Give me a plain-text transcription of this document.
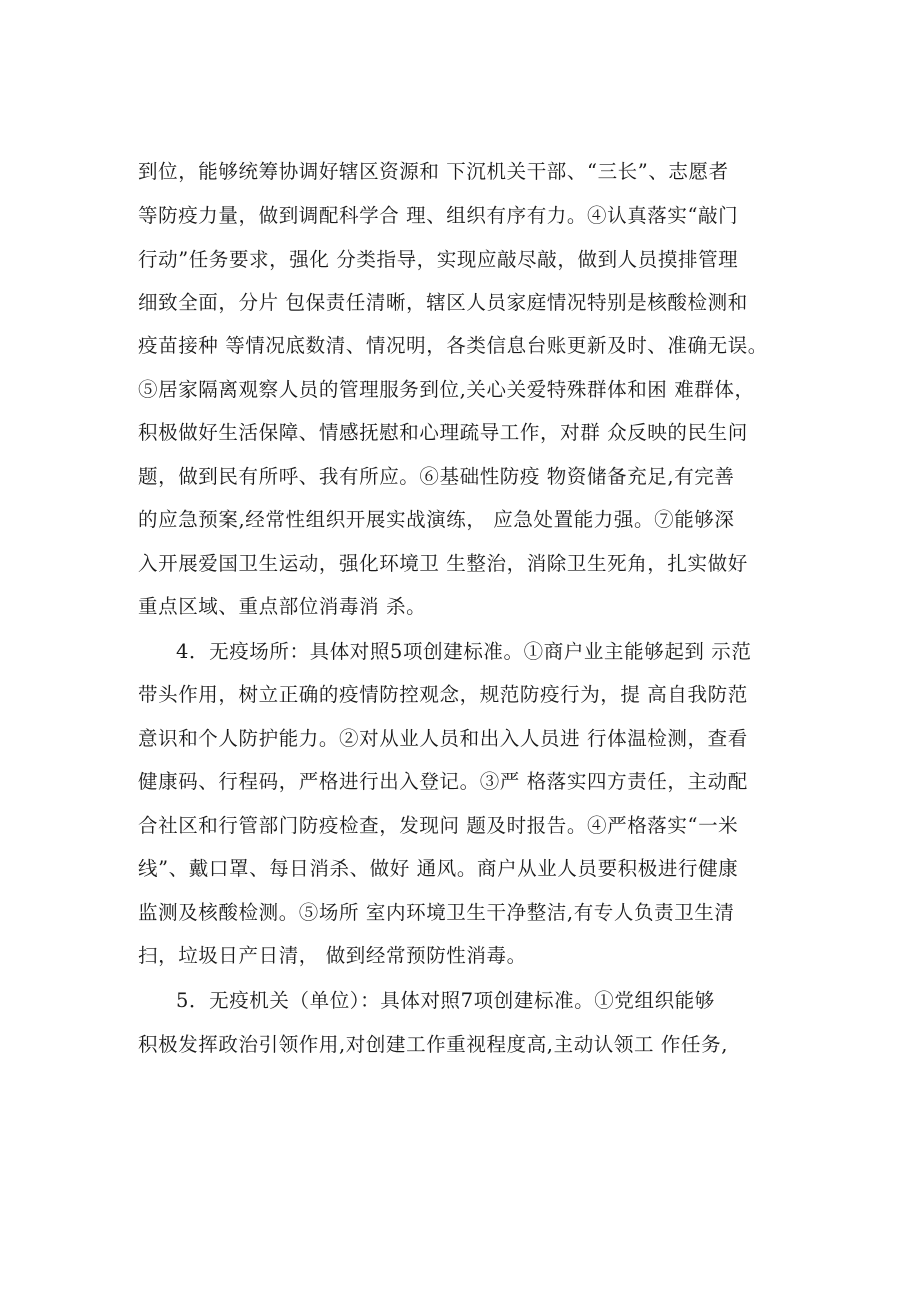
到位，能够统筹协调好辖区资源和 下沉机关干部、“三长”、志愿者
等防疫力量，做到调配科学合 理、组织有序有力。④认真落实“敲门
行动”任务要求，强化 分类指导，实现应敲尽敲，做到人员摸排管理
细致全面，分片 包保责任清晰，辖区人员家庭情况特别是核酸检测和
疫苗接种 等情况底数清、情况明，各类信息台账更新及时、准确无误。
⑤居家隔离观察人员的管理服务到位,关心关爱特殊群体和困 难群体，
积极做好生活保障、情感抚慰和心理疏导工作，对群 众反映的民生问
题，做到民有所呼、我有所应。⑥基础性防疫 物资储备充足,有完善
的应急预案,经常性组织开展实战演练， 应急处置能力强。⑦能够深
入开展爱国卫生运动，强化环境卫 生整治，消除卫生死角，扎实做好
重点区域、重点部位消毒消 杀。
4．无疫场所：具体对照5项创建标准。①商户业主能够起到 示范
带头作用，树立正确的疫情防控观念，规范防疫行为，提 高自我防范
意识和个人防护能力。②对从业人员和出入人员进 行体温检测，查看
健康码、行程码，严格进行出入登记。③严 格落实四方责任，主动配
合社区和行管部门防疫检查，发现问 题及时报告。④严格落实“一米
线”、戴口罩、每日消杀、做好 通风。商户从业人员要积极进行健康
监测及核酸检测。⑤场所 室内环境卫生干净整洁,有专人负责卫生清
扫，垃圾日产日清， 做到经常预防性消毒。
5．无疫机关（单位）：具体对照7项创建标准。①党组织能够
积极发挥政治引领作用,对创建工作重视程度高,主动认领工 作任务,
